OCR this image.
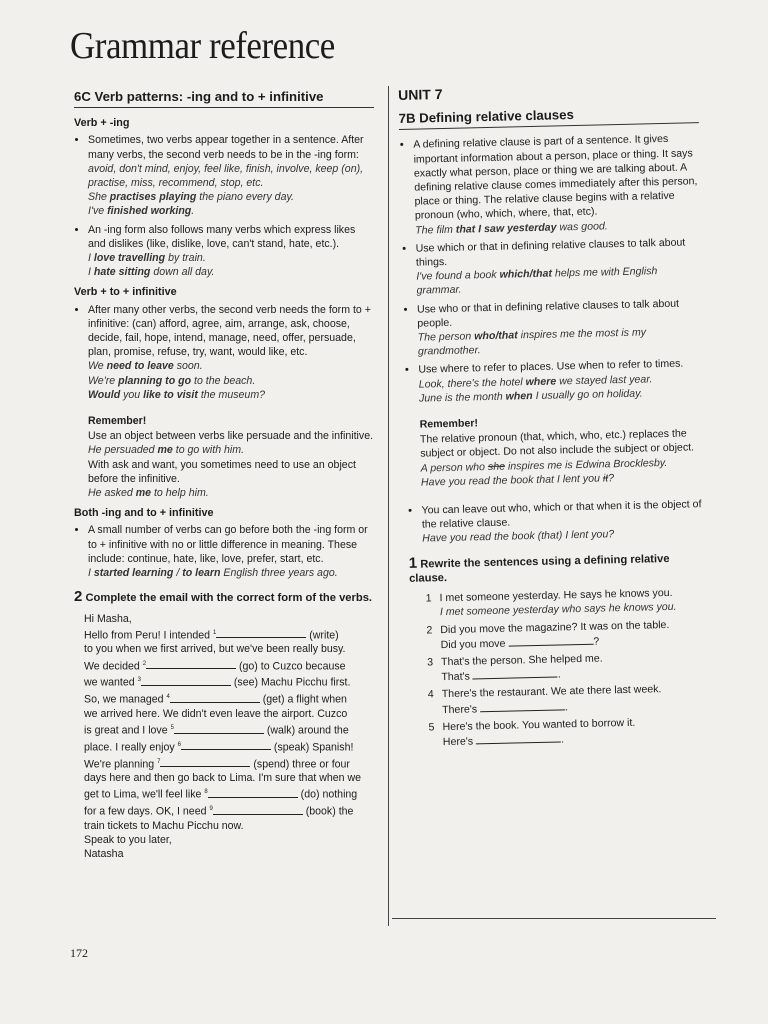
Grammar reference
6C Verb patterns: -ing and to + infinitive
Verb + -ing
• Sometimes, two verbs appear together in a sentence. After many verbs, the second verb needs to be in the -ing form:
avoid, don't mind, enjoy, feel like, finish, involve, keep (on), practise, miss, recommend, stop, etc.
She practises playing the piano every day.
I've finished working.
• An -ing form also follows many verbs which express likes and dislikes (like, dislike, love, can't stand, hate, etc.).
I love travelling by train.
I hate sitting down all day.
Verb + to + infinitive
• After many other verbs, the second verb needs the form to + infinitive: (can) afford, agree, aim, arrange, ask, choose, decide, fail, hope, intend, manage, need, offer, persuade, plan, promise, refuse, try, want, would like, etc.
We need to leave soon.
We're planning to go to the beach.
Would you like to visit the museum?
Remember!
Use an object between verbs like persuade and the infinitive.
He persuaded me to go with him.
With ask and want, you sometimes need to use an object before the infinitive.
He asked me to help him.
Both -ing and to + infinitive
• A small number of verbs can go before both the -ing form or to + infinitive with no or little difference in meaning. These include: continue, hate, like, love, prefer, start, etc.
I started learning / to learn English three years ago.
2 Complete the email with the correct form of the verbs.
Hi Masha,
Hello from Peru! I intended $^1$	(write)
to you when we first arrived, but we've been really busy.
We decided $^2$	(go) to Cuzco because
we wanted $^3$	(see) Machu Picchu first.
So, we managed $^4$	(get) a flight when
we arrived here. We didn't even leave the airport. Cuzco
is great and I love $^5$	(walk) around the
place. I really enjoy $^6$	(speak) Spanish!
We're planning $^7$	(spend) three or four
days here and then go back to Lima. I'm sure that when we
get to Lima, we'll feel like $^8$	(do) nothing
for a few days. OK, I need $^9$	(book) the
train tickets to Machu Picchu now.
Speak to you later,
Natasha
UNIT 7
7B Defining relative clauses
• A defining relative clause is part of a sentence. It gives important information about a person, place or thing. It says exactly what person, place or thing we are talking about. A defining relative clause comes immediately after this person, place or thing. The relative clause begins with a relative pronoun (who, which, where, that, etc).
The film that I saw yesterday was good.
• Use which or that in defining relative clauses to talk about things.
I've found a book which/that helps me with English grammar.
• Use who or that in defining relative clauses to talk about people.
The person who/that inspires me the most is my grandmother.
• Use where to refer to places. Use when to refer to times.
Look, there's the hotel where we stayed last year.
June is the month when I usually go on holiday.
Remember!
The relative pronoun (that, which, who, etc.) replaces the subject or object. Do not also include the subject or object.
A person who she inspires me is Edwina Brocklesby.
Have you read the book that I lent you it?
• You can leave out who, which or that when it is the object of the relative clause.
Have you read the book (that) I lent you?
1 Rewrite the sentences using a defining relative clause.
1 I met someone yesterday. He says he knows you.
I met someone yesterday who says he knows you.
2 Did you move the magazine? It was on the table.
Did you move	?
3 That's the person. She helped me.
That's	.
4 There's the restaurant. We ate there last week.
There's	.
5 Here's the book. You wanted to borrow it.
Here's	.
172
